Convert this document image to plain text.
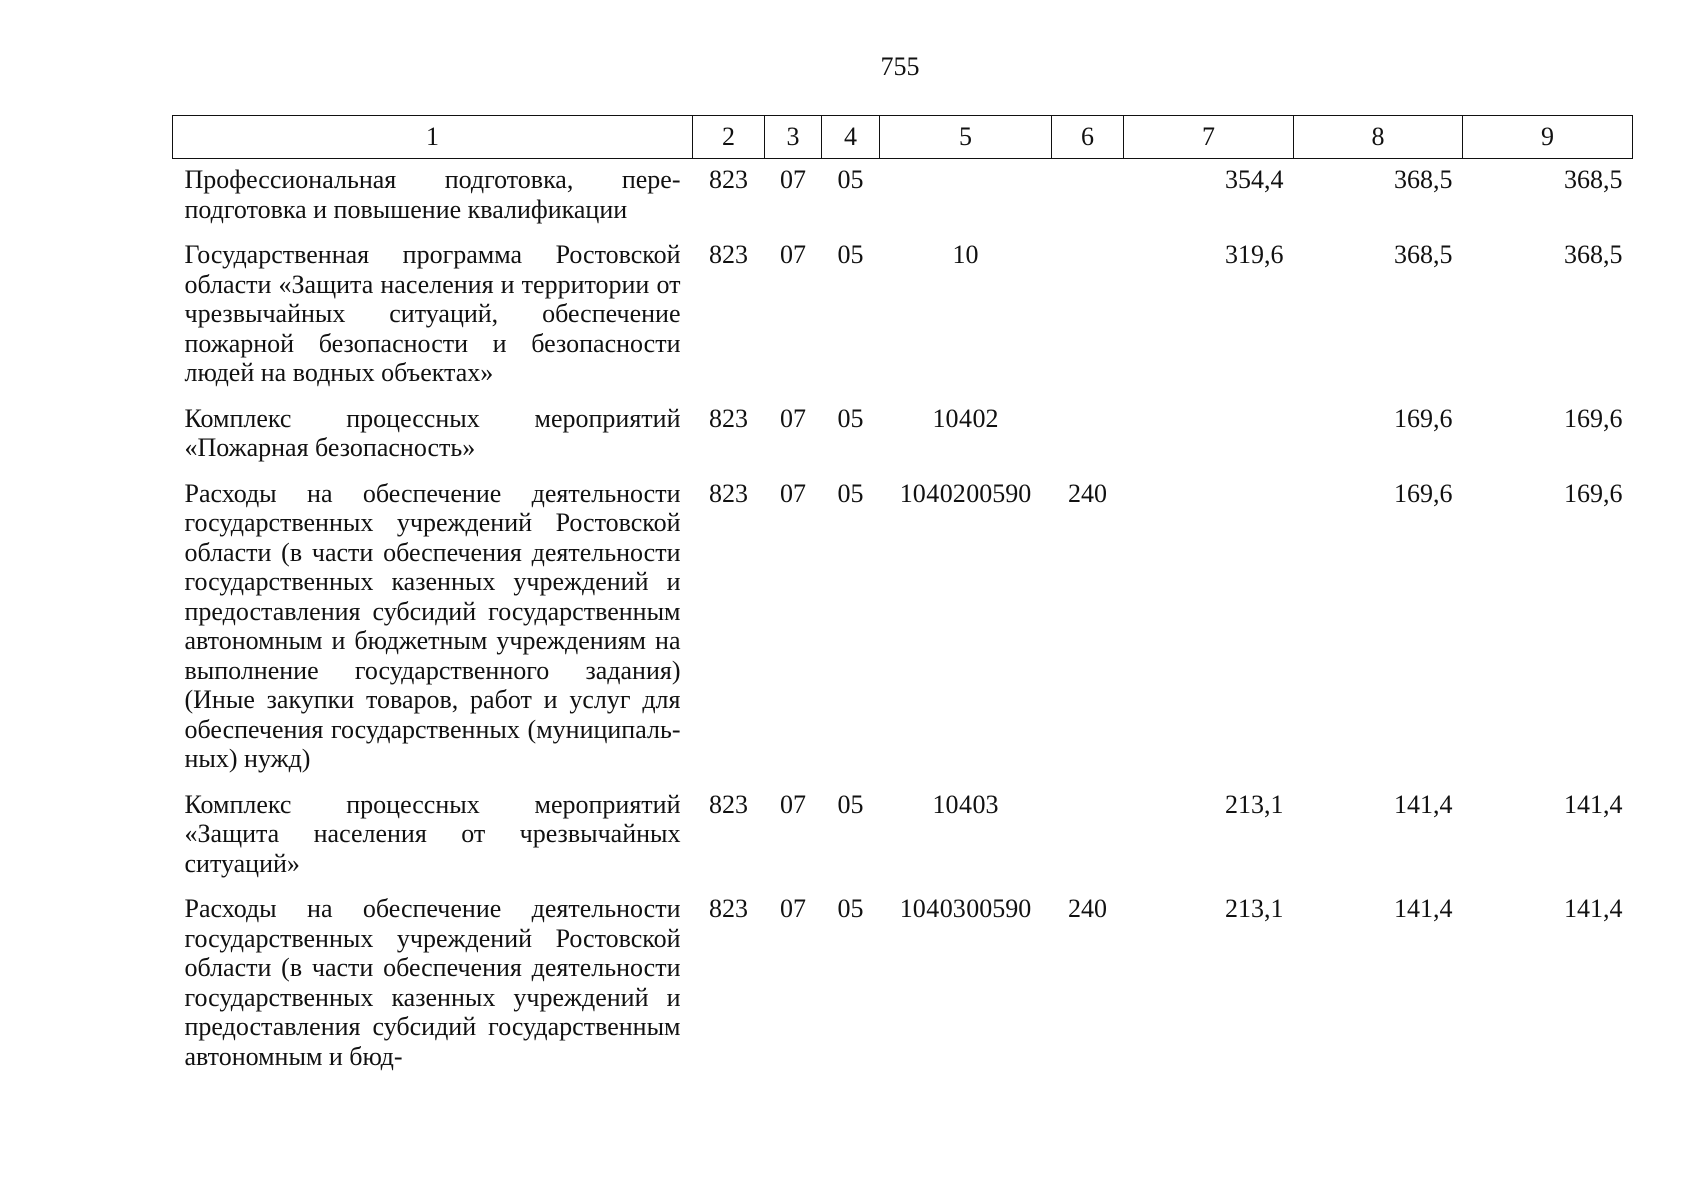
755
1	2	3	4	5	6	7	8	9
Профессиональная подготовка, переподготовка и повышение квалификации	823	07	05			354,4	368,5	368,5
Государственная программа Ростовской области «Защита населения и территории от чрезвычайных ситуаций, обеспечение пожарной безопасности и безопасности людей на водных объектах»	823	07	05	10		319,6	368,5	368,5
Комплекс процессных мероприятий «Пожарная безопасность»	823	07	05	10 4 02			169,6	169,6
Расходы на обеспечение деятельности государственных учреждений Ростовской области (в части обеспечения деятельности государственных казенных учреждений и предоставления субсидий государственным автономным и бюджетным учреждениям на выполнение государственного задания) (Иные закупки товаров, работ и услуг для обеспечения государственных (муниципальных) нужд)	823	07	05	10 4 02 00590	240		169,6	169,6
Комплекс процессных мероприятий «Защита населения от чрезвычайных ситуаций»	823	07	05	10 4 03		213,1	141,4	141,4
Расходы на обеспечение деятельности государственных учреждений Ростовской области (в части обеспечения деятельности государственных казенных учреждений и предоставления субсидий государственным автономным и бюд-	823	07	05	10 4 03 00590	240	213,1	141,4	141,4
